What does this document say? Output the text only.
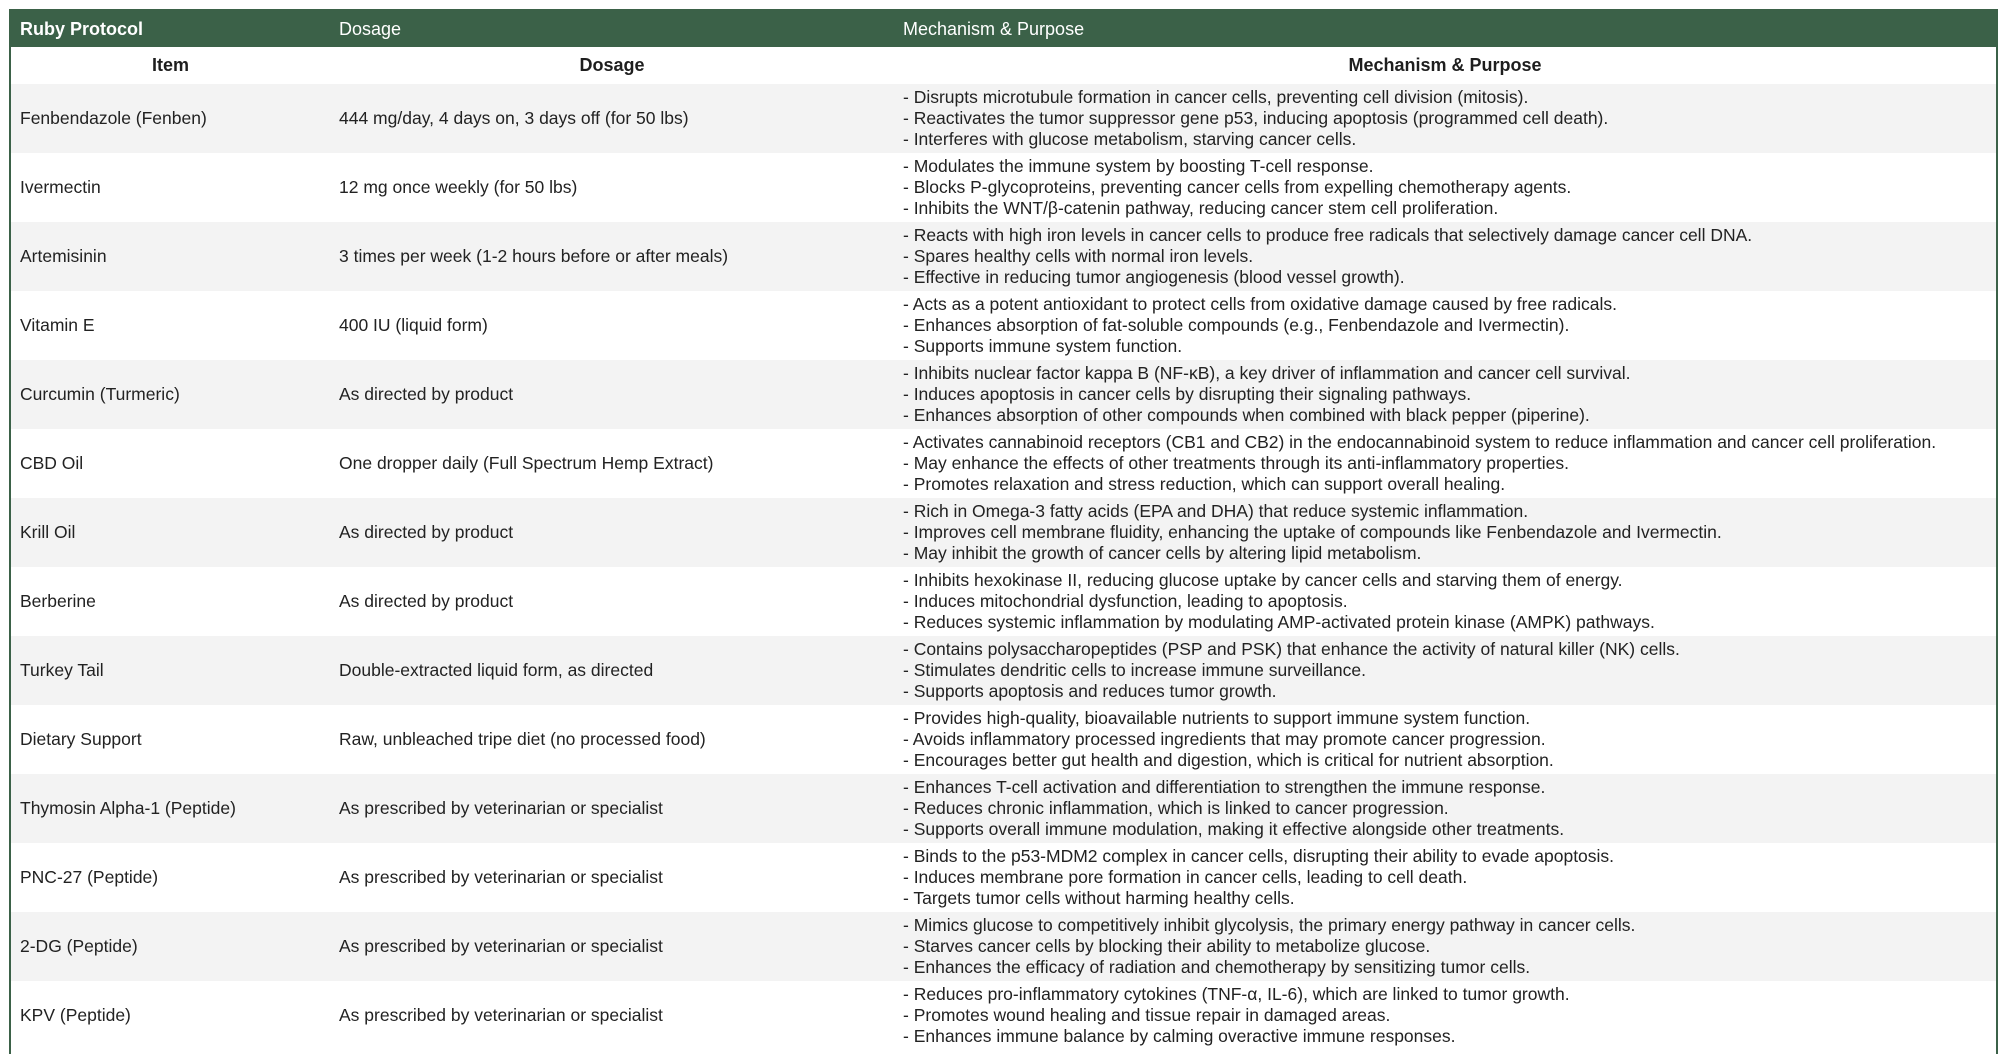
Ruby Protocol	Dosage	Mechanism & Purpose
Item	Dosage	Mechanism & Purpose
Fenbendazole (Fenben)	444 mg/day, 4 days on, 3 days off (for 50 lbs)	- Disrupts microtubule formation in cancer cells, preventing cell division (mitosis).
- Reactivates the tumor suppressor gene p53, inducing apoptosis (programmed cell death).
- Interferes with glucose metabolism, starving cancer cells.

Ivermectin	12 mg once weekly (for 50 lbs)	- Modulates the immune system by boosting T-cell response.
- Blocks P-glycoproteins, preventing cancer cells from expelling chemotherapy agents.
- Inhibits the WNT/β-catenin pathway, reducing cancer stem cell proliferation.

Artemisinin	3 times per week (1-2 hours before or after meals)	- Reacts with high iron levels in cancer cells to produce free radicals that selectively damage cancer cell DNA.
- Spares healthy cells with normal iron levels.
- Effective in reducing tumor angiogenesis (blood vessel growth).

Vitamin E	400 IU (liquid form)	- Acts as a potent antioxidant to protect cells from oxidative damage caused by free radicals.
- Enhances absorption of fat-soluble compounds (e.g., Fenbendazole and Ivermectin).
- Supports immune system function.

Curcumin (Turmeric)	As directed by product	- Inhibits nuclear factor kappa B (NF-κB), a key driver of inflammation and cancer cell survival.
- Induces apoptosis in cancer cells by disrupting their signaling pathways.
- Enhances absorption of other compounds when combined with black pepper (piperine).

CBD Oil	One dropper daily (Full Spectrum Hemp Extract)	- Activates cannabinoid receptors (CB1 and CB2) in the endocannabinoid system to reduce inflammation and cancer cell proliferation.
- May enhance the effects of other treatments through its anti-inflammatory properties.
- Promotes relaxation and stress reduction, which can support overall healing.

Krill Oil	As directed by product	- Rich in Omega-3 fatty acids (EPA and DHA) that reduce systemic inflammation.
- Improves cell membrane fluidity, enhancing the uptake of compounds like Fenbendazole and Ivermectin.
- May inhibit the growth of cancer cells by altering lipid metabolism.

Berberine	As directed by product	- Inhibits hexokinase II, reducing glucose uptake by cancer cells and starving them of energy.
- Induces mitochondrial dysfunction, leading to apoptosis.
- Reduces systemic inflammation by modulating AMP-activated protein kinase (AMPK) pathways.

Turkey Tail	Double-extracted liquid form, as directed	- Contains polysaccharopeptides (PSP and PSK) that enhance the activity of natural killer (NK) cells.
- Stimulates dendritic cells to increase immune surveillance.
- Supports apoptosis and reduces tumor growth.

Dietary Support	Raw, unbleached tripe diet (no processed food)	- Provides high-quality, bioavailable nutrients to support immune system function.
- Avoids inflammatory processed ingredients that may promote cancer progression.
- Encourages better gut health and digestion, which is critical for nutrient absorption.

Thymosin Alpha-1 (Peptide)	As prescribed by veterinarian or specialist	- Enhances T-cell activation and differentiation to strengthen the immune response.
- Reduces chronic inflammation, which is linked to cancer progression.
- Supports overall immune modulation, making it effective alongside other treatments.

PNC-27 (Peptide)	As prescribed by veterinarian or specialist	- Binds to the p53-MDM2 complex in cancer cells, disrupting their ability to evade apoptosis.
- Induces membrane pore formation in cancer cells, leading to cell death.
- Targets tumor cells without harming healthy cells.

2-DG (Peptide)	As prescribed by veterinarian or specialist	- Mimics glucose to competitively inhibit glycolysis, the primary energy pathway in cancer cells.
- Starves cancer cells by blocking their ability to metabolize glucose.
- Enhances the efficacy of radiation and chemotherapy by sensitizing tumor cells.

KPV (Peptide)	As prescribed by veterinarian or specialist	- Reduces pro-inflammatory cytokines (TNF-α, IL-6), which are linked to tumor growth.
- Promotes wound healing and tissue repair in damaged areas.
- Enhances immune balance by calming overactive immune responses.
